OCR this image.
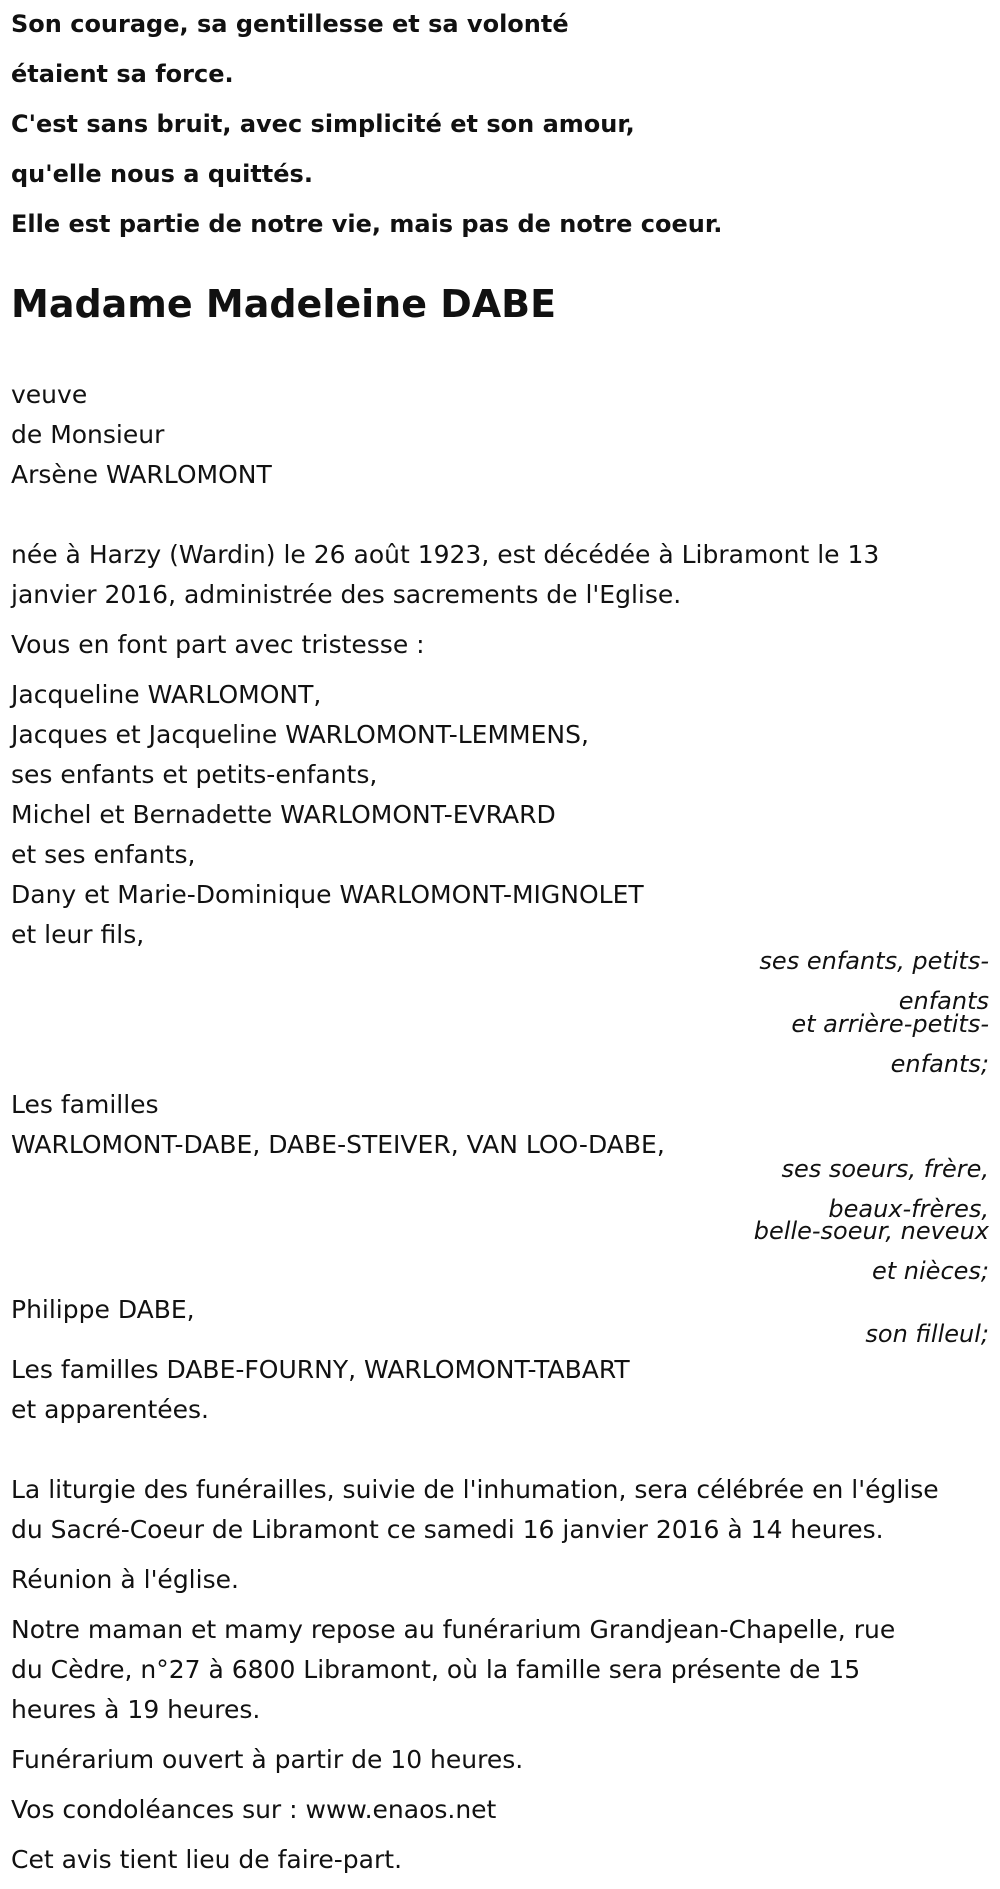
Son courage, sa gentillesse et sa volonté

étaient sa force.

C'est sans bruit, avec simplicité et son amour,

qu'elle nous a quittés.

Elle est partie de notre vie, mais pas de notre coeur.

Madame Madeleine DABE

veuve

de Monsieur

Arsène WARLOMONT

née à Harzy (Wardin) le 26 août 1923, est décédée à Libramont le 13

janvier 2016, administrée des sacrements de l'Eglise.

Vous en font part avec tristesse :

Jacqueline WARLOMONT,

Jacques et Jacqueline WARLOMONT-LEMMENS,

ses enfants et petits-enfants,

Michel et Bernadette WARLOMONT-EVRARD

et ses enfants,

Dany et Marie-Dominique WARLOMONT-MIGNOLET

et leur fils,

ses enfants, petits-

enfants

et arrière-petits-

enfants;

Les familles

WARLOMONT-DABE, DABE-STEIVER, VAN LOO-DABE,

ses soeurs, frère,

beaux-frères,

belle-soeur, neveux

et nièces;

Philippe DABE,

son filleul;

Les familles DABE-FOURNY, WARLOMONT-TABART

et apparentées.

La liturgie des funérailles, suivie de l'inhumation, sera célébrée en l'église

du Sacré-Coeur de Libramont ce samedi 16 janvier 2016 à 14 heures.

Réunion à l'église.

Notre maman et mamy repose au funérarium Grandjean-Chapelle, rue

du Cèdre, n°27 à 6800 Libramont, où la famille sera présente de 15

heures à 19 heures.

Funérarium ouvert à partir de 10 heures.

Vos condoléances sur : www.enaos.net

Cet avis tient lieu de faire-part.
